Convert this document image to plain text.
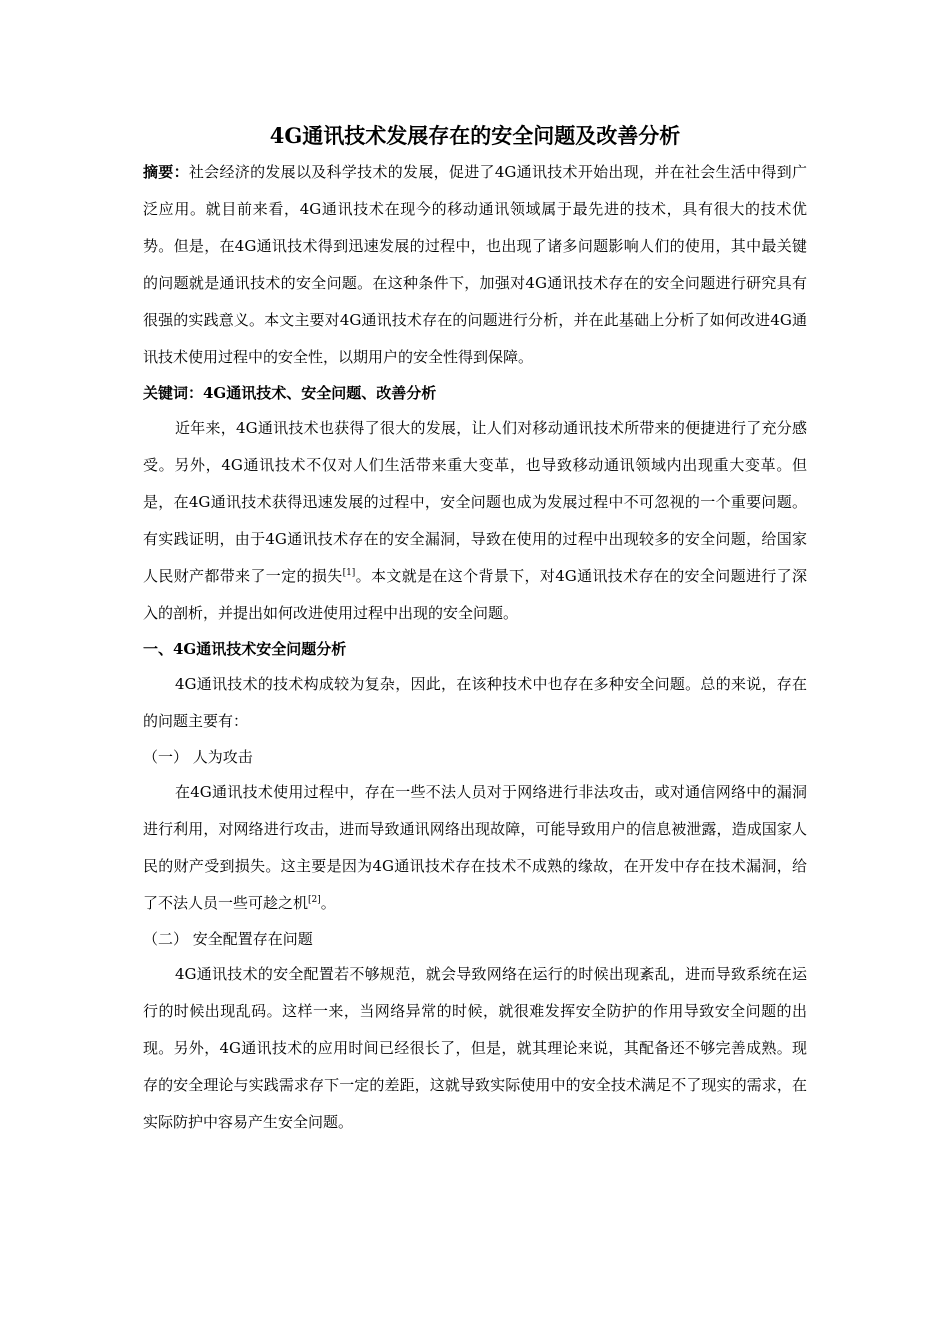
4G通讯技术发展存在的安全问题及改善分析

摘要：社会经济的发展以及科学技术的发展，促进了4G通讯技术开始出现，并在社会生活中得到广泛应用。就目前来看，4G通讯技术在现今的移动通讯领域属于最先进的技术，具有很大的技术优势。但是，在4G通讯技术得到迅速发展的过程中，也出现了诸多问题影响人们的使用，其中最关键的问题就是通讯技术的安全问题。在这种条件下，加强对4G通讯技术存在的安全问题进行研究具有很强的实践意义。本文主要对4G通讯技术存在的问题进行分析，并在此基础上分析了如何改进4G通讯技术使用过程中的安全性，以期用户的安全性得到保障。

关键词：4G通讯技术、安全问题、改善分析

近年来，4G通讯技术也获得了很大的发展，让人们对移动通讯技术所带来的便捷进行了充分感受。另外，4G通讯技术不仅对人们生活带来重大变革，也导致移动通讯领域内出现重大变革。但是，在4G通讯技术获得迅速发展的过程中，安全问题也成为发展过程中不可忽视的一个重要问题。有实践证明，由于4G通讯技术存在的安全漏洞，导致在使用的过程中出现较多的安全问题，给国家人民财产都带来了一定的损失[1]。本文就是在这个背景下，对4G通讯技术存在的安全问题进行了深入的剖析，并提出如何改进使用过程中出现的安全问题。

一、4G通讯技术安全问题分析

4G通讯技术的技术构成较为复杂，因此，在该种技术中也存在多种安全问题。总的来说，存在的问题主要有：

（一） 人为攻击

在4G通讯技术使用过程中，存在一些不法人员对于网络进行非法攻击，或对通信网络中的漏洞进行利用，对网络进行攻击，进而导致通讯网络出现故障，可能导致用户的信息被泄露，造成国家人民的财产受到损失。这主要是因为4G通讯技术存在技术不成熟的缘故，在开发中存在技术漏洞，给了不法人员一些可趁之机[2]。

（二） 安全配置存在问题

4G通讯技术的安全配置若不够规范，就会导致网络在运行的时候出现紊乱，进而导致系统在运行的时候出现乱码。这样一来，当网络异常的时候，就很难发挥安全防护的作用导致安全问题的出现。另外，4G通讯技术的应用时间已经很长了，但是，就其理论来说，其配备还不够完善成熟。现存的安全理论与实践需求存下一定的差距，这就导致实际使用中的安全技术满足不了现实的需求，在实际防护中容易产生安全问题。
